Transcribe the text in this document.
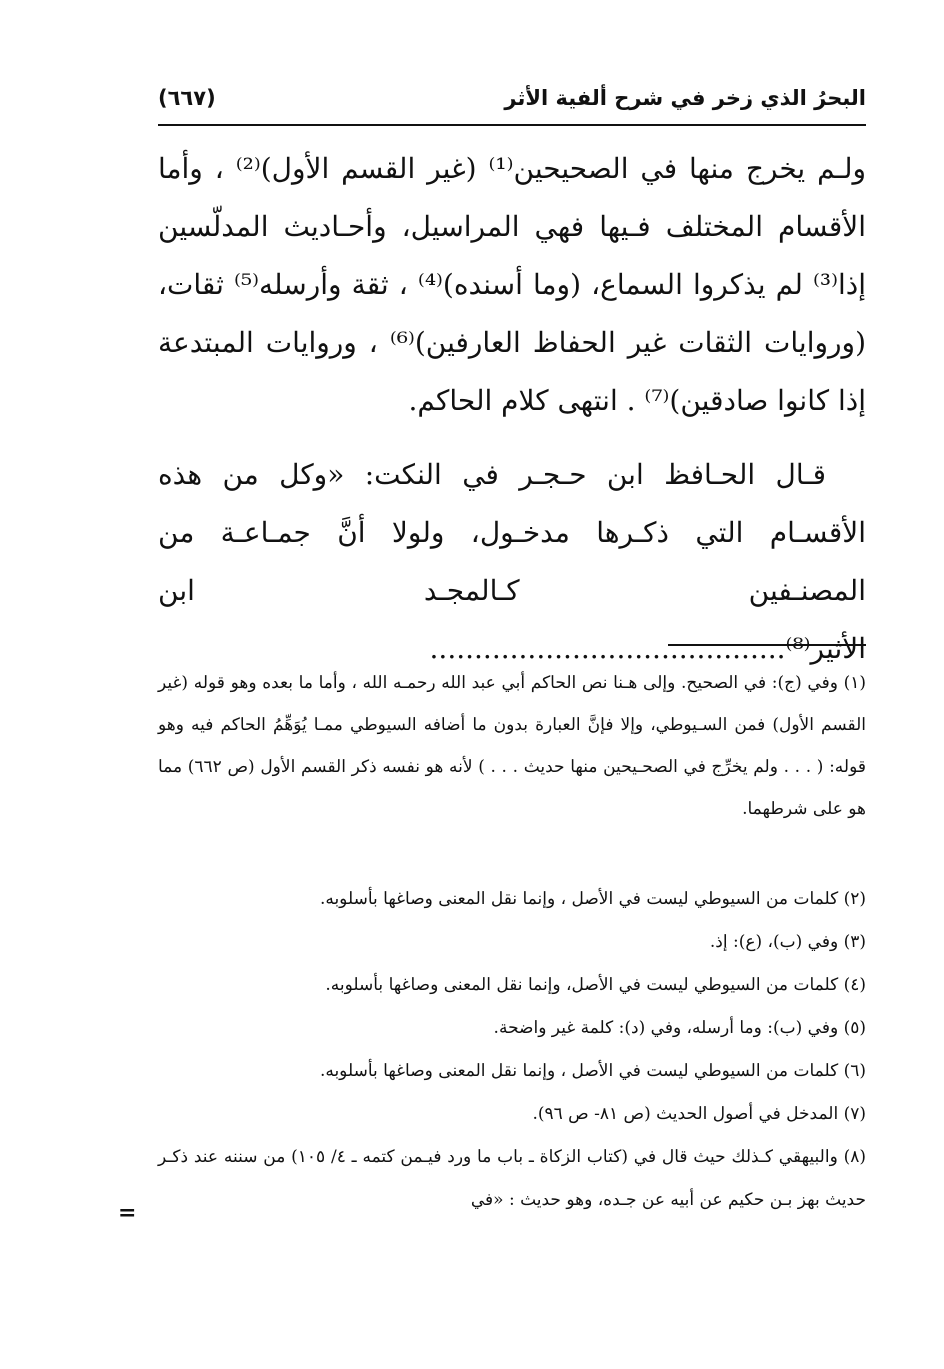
البحرُ الذي زخر في شرح ألفية الأثر
(٦٦٧)

ولـم يخرج منها في الصحيحين⁽¹⁾ (غير القسم الأول)⁽²⁾ ، وأما الأقسام المختلف فـيها فهي المراسيل، وأحـاديث المدلّسين إذا⁽³⁾ لم يذكروا السماع، (وما أسنده)⁽⁴⁾ ، ثقة وأرسله⁽⁵⁾ ثقات، (وروايات الثقات غير الحفاظ العارفين)⁽⁶⁾ ، وروايات المبتدعة إذا كانوا صادقين)⁽⁷⁾ . انتهى كلام الحاكم.

قـال الحـافظ ابن حـجـر في النكت: «وكل من هذه الأقسـام التي ذكـرها مدخـول، ولولا أنَّ جمـاعـة من المصنـفين كـالمجـد ابن الأثير⁽⁸⁾........................................

(١) وفي (ج): في الصحيح. وإلى هـنا نص الحاكم أبي عبد الله رحمـه الله ، وأما ما بعده وهو قوله (غير القسم الأول) فمن السـيوطي، وإلا فإنَّ العبارة بدون ما أضافه السيوطي ممـا يُوَهِّمُ الحاكم فيه وهو قوله: ( . . . ولم يخرِّج في الصحـيحين منها حديث . . . ) لأنه هو نفسه ذكر القسم الأول (ص ٦٦٢) مما هو على شرطهما.

(٢) كلمات من السيوطي ليست في الأصل ، وإنما نقل المعنى وصاغها بأسلوبه.

(٣) وفي (ب)، (ع): إذ.

(٤) كلمات من السيوطي ليست في الأصل، وإنما نقل المعنى وصاغها بأسلوبه.

(٥) وفي (ب): وما أرسله، وفي (د): كلمة غير واضحة.

(٦) كلمات من السيوطي ليست في الأصل ، وإنما نقل المعنى وصاغها بأسلوبه.

(٧) المدخل في أصول الحديث (ص ٨١- ص ٩٦).

(٨) والبيهقي كـذلك حيث قال في (كتاب الزكاة ـ باب ما ورد فيـمن كتمه ـ ٤/ ١٠٥) من سننه عند ذكـر حديث بهز بـن حكيم عن أبيه عن جـده، وهو حديث : «في

=
